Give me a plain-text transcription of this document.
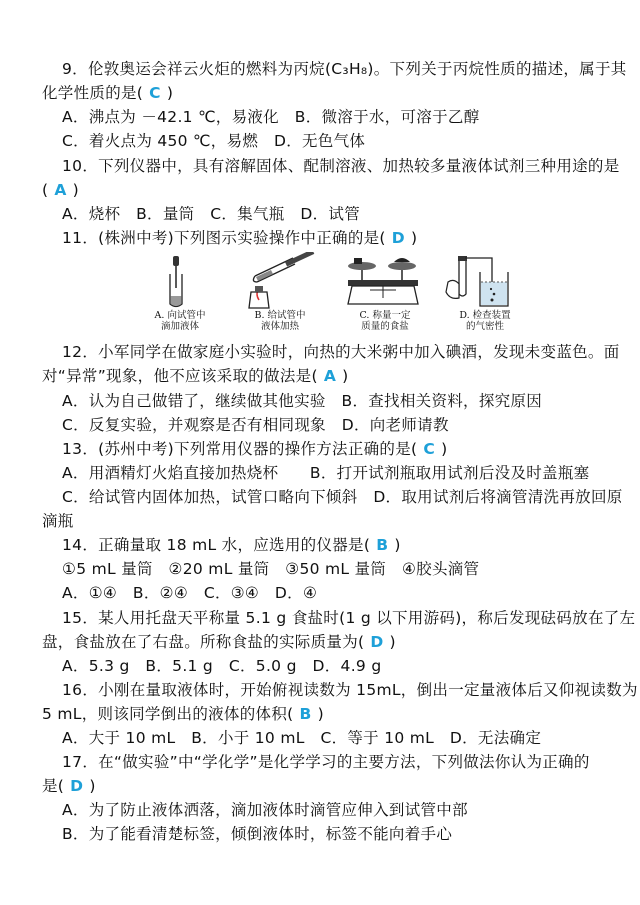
9．伦敦奥运会祥云火炬的燃料为丙烷(C₃H₈)。下列关于丙烷性质的描述，属于其
化学性质的是( C )
A．沸点为 －42.1 ℃，易液化　B．微溶于水，可溶于乙醇
C．着火点为 450 ℃，易燃　D．无色气体
10．下列仪器中，具有溶解固体、配制溶液、加热较多量液体试剂三种用途的是
( A )
A．烧杯　B．量筒　C．集气瓶　D．试管
11．(株洲中考)下列图示实验操作中正确的是( D )
A. 向试管中
滴加液体
B. 给试管中
液体加热
C. 称量一定
质量的食盐
D. 检查装置
的气密性
12．小军同学在做家庭小实验时，向热的大米粥中加入碘酒，发现未变蓝色。面
对“异常”现象，他不应该采取的做法是( A )
A．认为自己做错了，继续做其他实验　B．查找相关资料，探究原因
C．反复实验，并观察是否有相同现象　D．向老师请教
13．(苏州中考)下列常用仪器的操作方法正确的是( C )
A．用酒精灯火焰直接加热烧杯　　B．打开试剂瓶取用试剂后没及时盖瓶塞
C．给试管内固体加热，试管口略向下倾斜　D．取用试剂后将滴管清洗再放回原
滴瓶
14．正确量取 18 mL 水，应选用的仪器是( B )
①5 mL 量筒　②20 mL 量筒　③50 mL 量筒　④胶头滴管
A．①④　B．②④　C．③④　D．④
15．某人用托盘天平称量 5.1 g 食盐时(1 g 以下用游码)，称后发现砝码放在了左
盘，食盐放在了右盘。所称食盐的实际质量为( D )
A．5.3 g　B．5.1 g　C．5.0 g　D．4.9 g
16．小刚在量取液体时，开始俯视读数为 15mL，倒出一定量液体后又仰视读数为
5 mL，则该同学倒出的液体的体积( B )
A．大于 10 mL　B．小于 10 mL　C．等于 10 mL　D．无法确定
17．在“做实验”中“学化学”是化学学习的主要方法，下列做法你认为正确的
是( D )
A．为了防止液体洒落，滴加液体时滴管应伸入到试管中部
B．为了能看清楚标签，倾倒液体时，标签不能向着手心
